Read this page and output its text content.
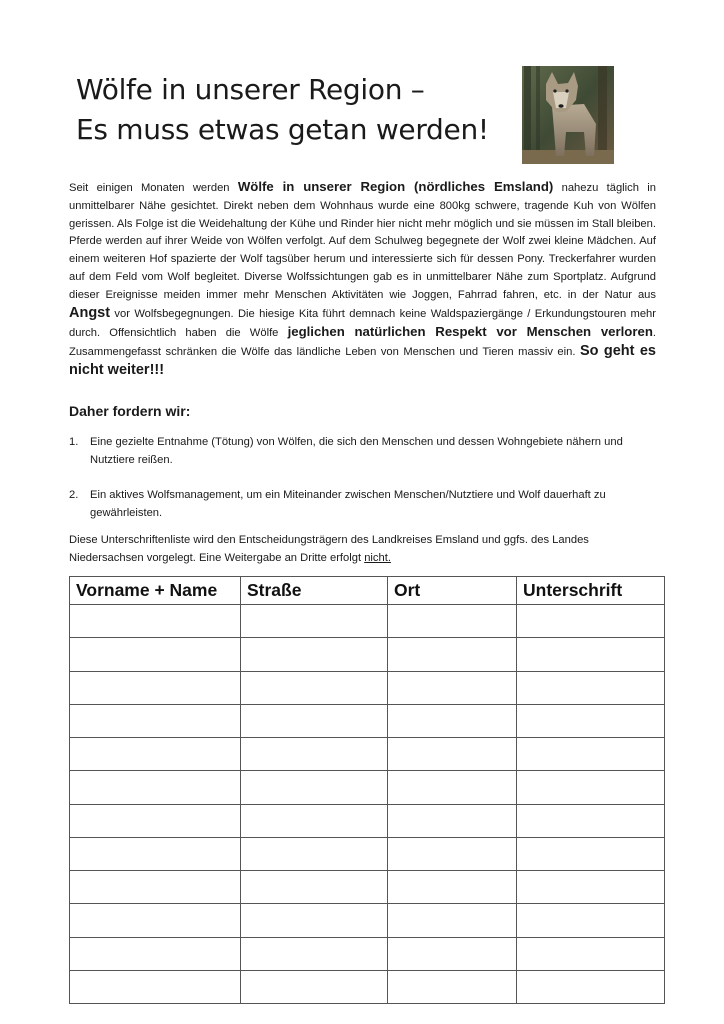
Wölfe in unserer Region –
Es muss etwas getan werden!

Seit einigen Monaten werden Wölfe in unserer Region (nördliches Emsland) nahezu täglich in unmittelbarer Nähe gesichtet. Direkt neben dem Wohnhaus wurde eine 800kg schwere, tragende Kuh von Wölfen gerissen. Als Folge ist die Weidehaltung der Kühe und Rinder hier nicht mehr möglich und sie müssen im Stall bleiben. Pferde werden auf ihrer Weide von Wölfen verfolgt. Auf dem Schulweg begegnete der Wolf zwei kleine Mädchen. Auf einem weiteren Hof spazierte der Wolf tagsüber herum und interessierte sich für dessen Pony. Treckerfahrer wurden auf dem Feld vom Wolf begleitet. Diverse Wolfssichtungen gab es in unmittelbarer Nähe zum Sportplatz. Aufgrund dieser Ereignisse meiden immer mehr Menschen Aktivitäten wie Joggen, Fahrrad fahren, etc. in der Natur aus Angst vor Wolfsbegegnungen. Die hiesige Kita führt demnach keine Waldspaziergänge / Erkundungstouren mehr durch. Offensichtlich haben die Wölfe jeglichen natürlichen Respekt vor Menschen verloren. Zusammengefasst schränken die Wölfe das ländliche Leben von Menschen und Tieren massiv ein. So geht es nicht weiter!!!

Daher fordern wir:
1. Eine gezielte Entnahme (Tötung) von Wölfen, die sich den Menschen und dessen Wohngebiete nähern und Nutztiere reißen.
2. Ein aktives Wolfsmanagement, um ein Miteinander zwischen Menschen/Nutztiere und Wolf dauerhaft zu gewährleisten.

Diese Unterschriftenliste wird den Entscheidungsträgern des Landkreises Emsland und ggfs. des Landes Niedersachsen vorgelegt. Eine Weitergabe an Dritte erfolgt nicht.

Vorname + Name	Straße	Ort	Unterschrift
